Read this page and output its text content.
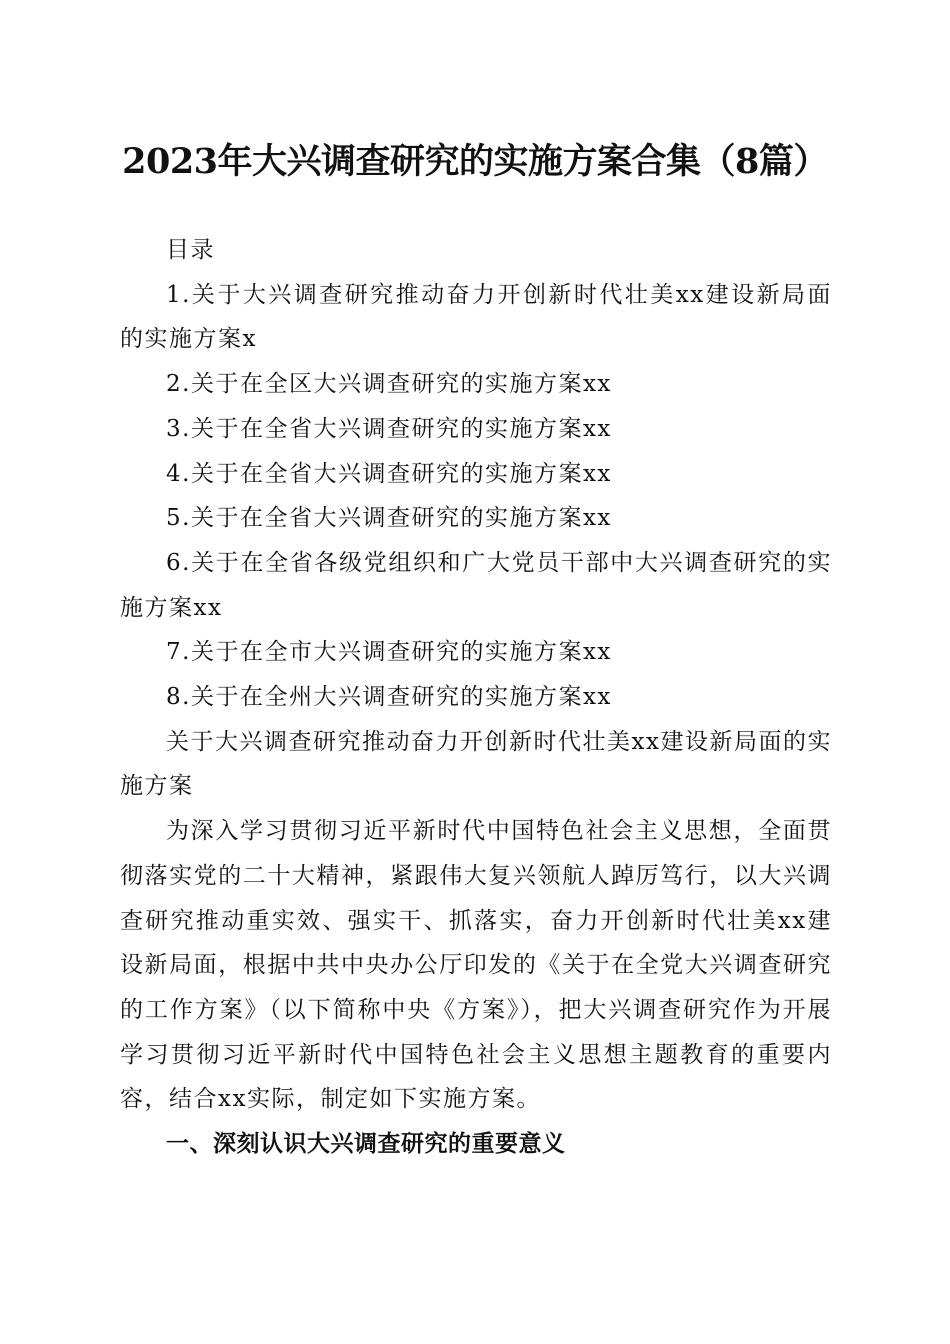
2023年大兴调查研究的实施方案合集（8篇）

目录

1.关于大兴调查研究推动奋力开创新时代壮美xx建设新局面的实施方案x

2.关于在全区大兴调查研究的实施方案xx

3.关于在全省大兴调查研究的实施方案xx

4.关于在全省大兴调查研究的实施方案xx

5.关于在全省大兴调查研究的实施方案xx

6.关于在全省各级党组织和广大党员干部中大兴调查研究的实施方案xx

7.关于在全市大兴调查研究的实施方案xx

8.关于在全州大兴调查研究的实施方案xx

关于大兴调查研究推动奋力开创新时代壮美xx建设新局面的实施方案

为深入学习贯彻习近平新时代中国特色社会主义思想，全面贯彻落实党的二十大精神，紧跟伟大复兴领航人踔厉笃行，以大兴调查研究推动重实效、强实干、抓落实，奋力开创新时代壮美xx建设新局面，根据中共中央办公厅印发的《关于在全党大兴调查研究的工作方案》（以下简称中央《方案》），把大兴调查研究作为开展学习贯彻习近平新时代中国特色社会主义思想主题教育的重要内容，结合xx实际，制定如下实施方案。

一、深刻认识大兴调查研究的重要意义
